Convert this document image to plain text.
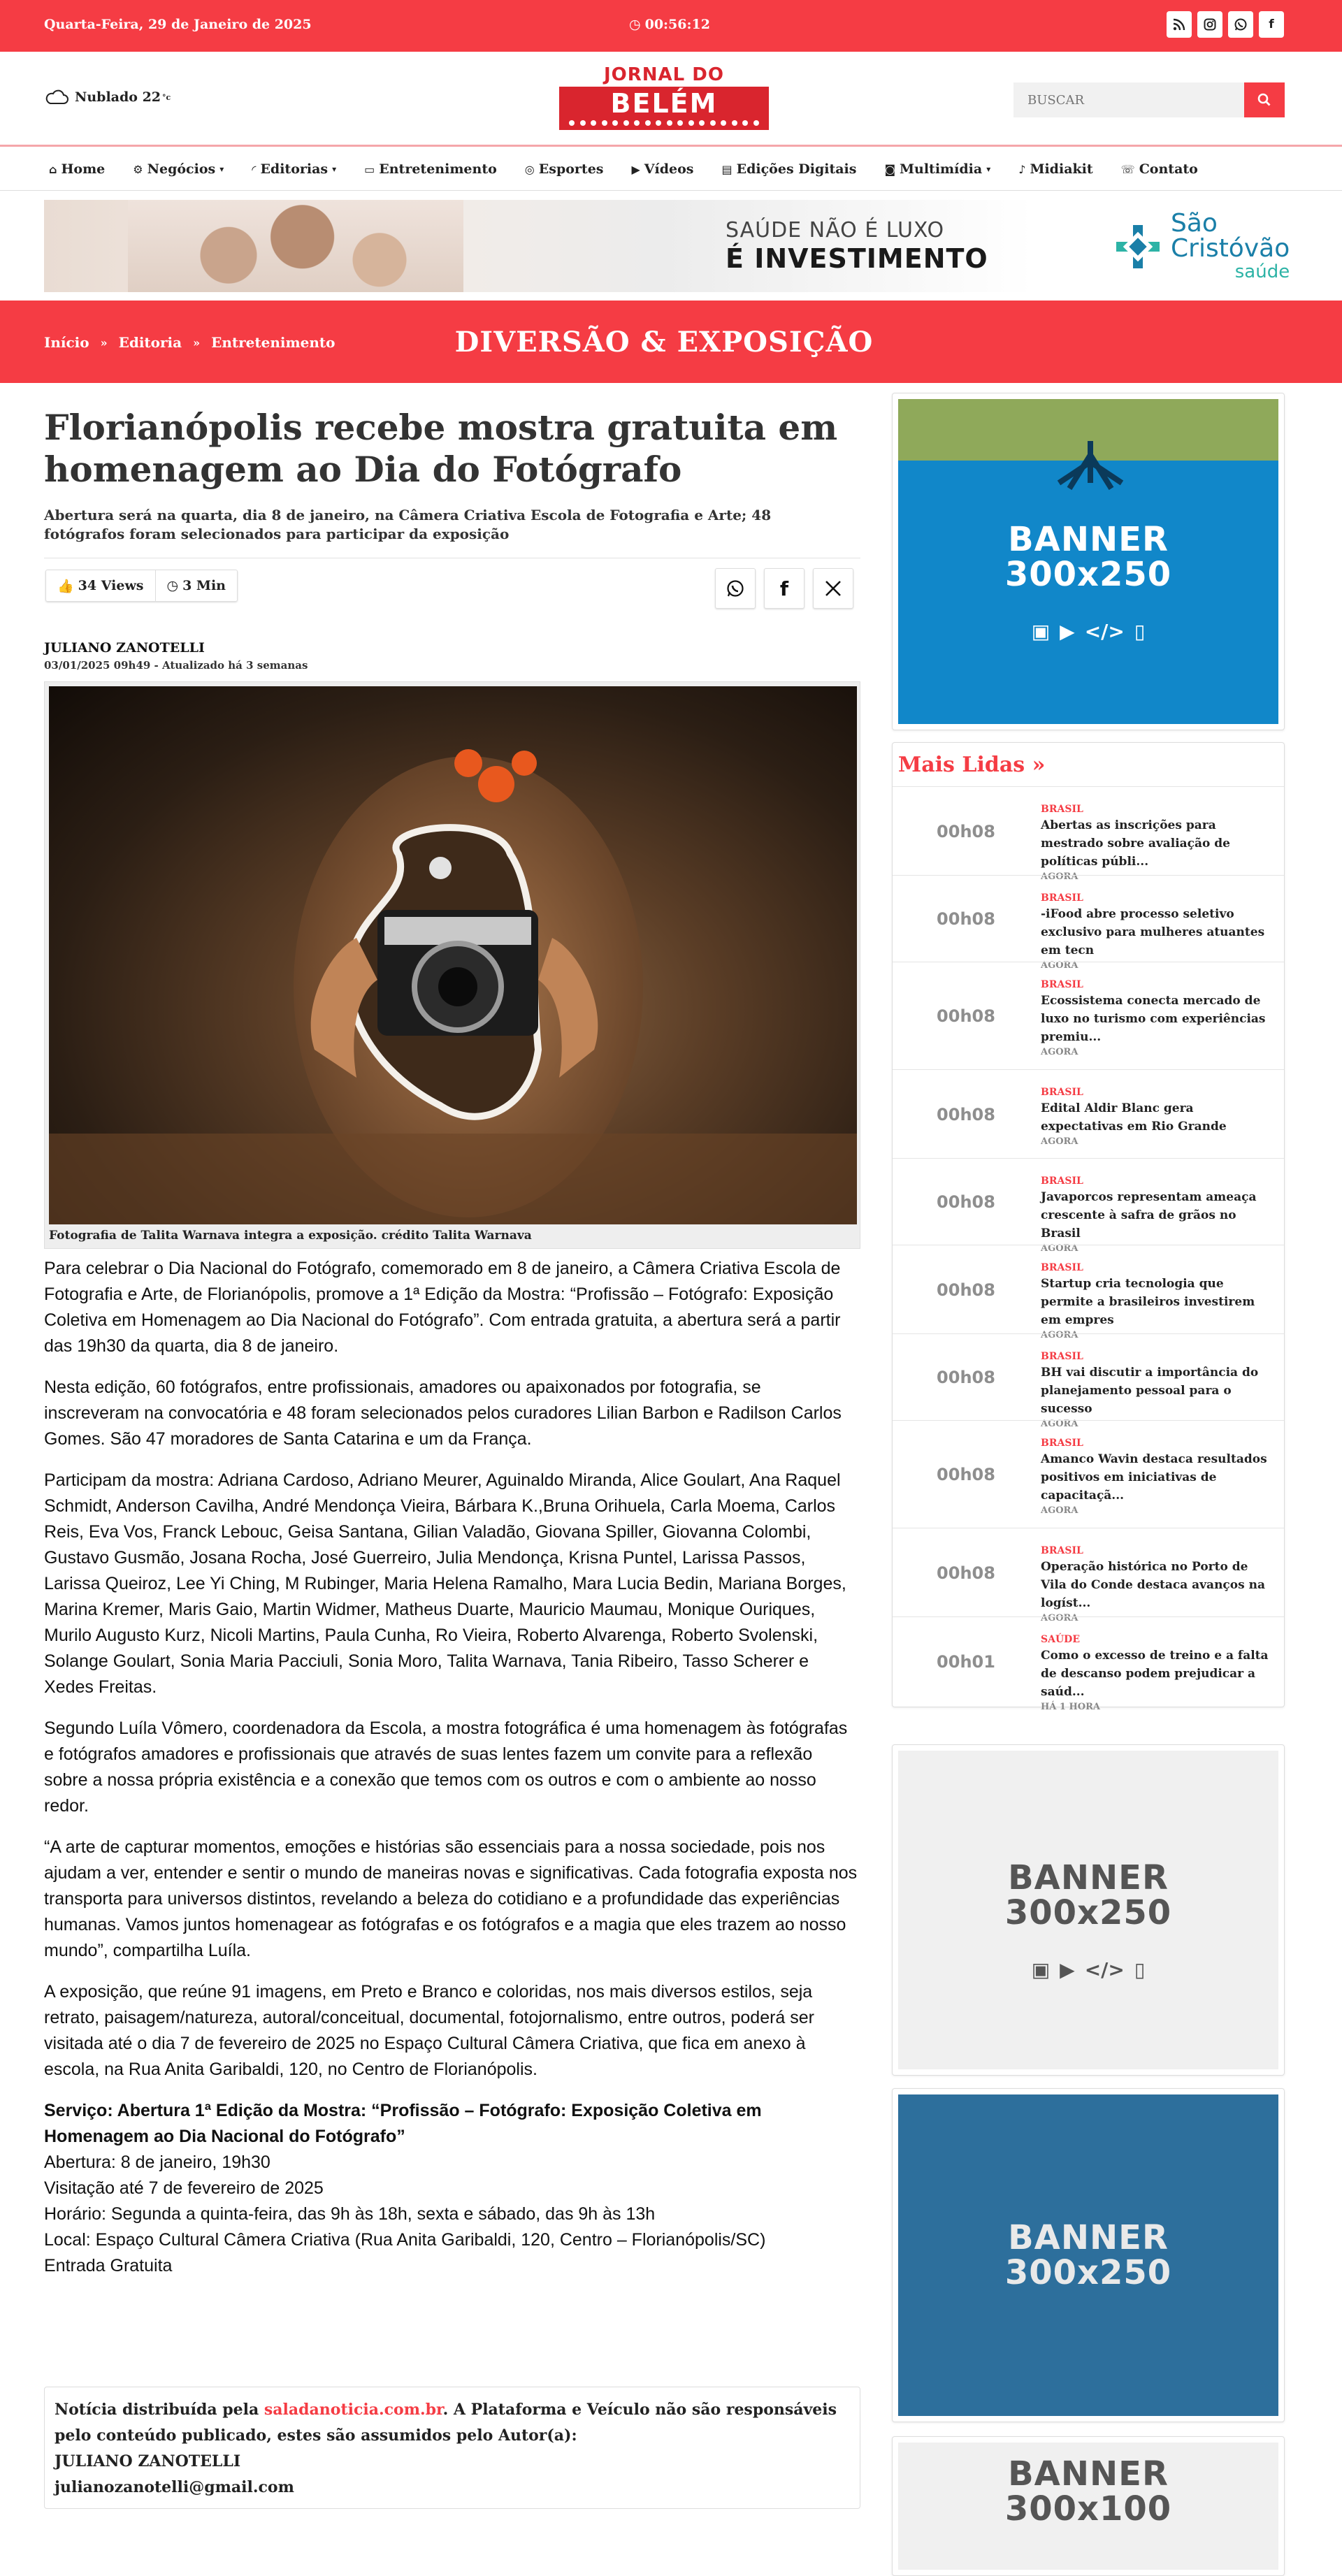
Quarta-Feira, 29 de Janeiro de 2025	◷ 00:56:12	f
Nublado 22 °c
JORNAL DO
BELÉM
BUSCAR
⌂ Home	⚙ Negócios ▾	◜ Editorias ▾	▭ Entretenimento	◎ Esportes	▶ Vídeos	▤ Edições Digitais	◙ Multimídia ▾	♪ Midiakit	☏ Contato
SAÚDE NÃO É LUXO
É INVESTIMENTO
São
Cristóvão
saúde
Início » Editoria » Entretenimento	DIVERSÃO & EXPOSIÇÃO
Florianópolis recebe mostra gratuita em homenagem ao Dia do Fotógrafo
Abertura será na quarta, dia 8 de janeiro, na Câmera Criativa Escola de Fotografia e Arte; 48 fotógrafos foram selecionados para participar da exposição
👍 34 Views ◷ 3 Min	f
JULIANO ZANOTELLI
03/01/2025 09h49 - Atualizado há 3 semanas
Fotografia de Talita Warnava integra a exposição. crédito Talita Warnava

Para celebrar o Dia Nacional do Fotógrafo, comemorado em 8 de janeiro, a Câmera Criativa Escola de Fotografia e Arte, de Florianópolis, promove a 1ª Edição da Mostra: “Profissão – Fotógrafo: Exposição Coletiva em Homenagem ao Dia Nacional do Fotógrafo”. Com entrada gratuita, a abertura será a partir das 19h30 da quarta, dia 8 de janeiro.

Nesta edição, 60 fotógrafos, entre profissionais, amadores ou apaixonados por fotografia, se inscreveram na convocatória e 48 foram selecionados pelos curadores Lilian Barbon e Radilson Carlos Gomes. São 47 moradores de Santa Catarina e um da França.

Participam da mostra: Adriana Cardoso, Adriano Meurer, Aguinaldo Miranda, Alice Goulart, Ana Raquel Schmidt, Anderson Cavilha, André Mendonça Vieira, Bárbara K.,Bruna Orihuela, Carla Moema, Carlos Reis, Eva Vos, Franck Lebouc, Geisa Santana, Gilian Valadão, Giovana Spiller, Giovanna Colombi, Gustavo Gusmão, Josana Rocha, José Guerreiro, Julia Mendonça, Krisna Puntel, Larissa Passos, Larissa Queiroz, Lee Yi Ching, M Rubinger, Maria Helena Ramalho, Mara Lucia Bedin, Mariana Borges, Marina Kremer, Maris Gaio, Martin Widmer, Matheus Duarte, Mauricio Maumau, Monique Ouriques, Murilo Augusto Kurz, Nicoli Martins, Paula Cunha, Ro Vieira, Roberto Alvarenga, Roberto Svolenski, Solange Goulart, Sonia Maria Pacciuli, Sonia Moro, Talita Warnava, Tania Ribeiro, Tasso Scherer e Xedes Freitas.

Segundo Luíla Vômero, coordenadora da Escola, a mostra fotográfica é uma homenagem às fotógrafas e fotógrafos amadores e profissionais que através de suas lentes fazem um convite para a reflexão sobre a nossa própria existência e a conexão que temos com os outros e com o ambiente ao nosso redor.

“A arte de capturar momentos, emoções e histórias são essenciais para a nossa sociedade, pois nos ajudam a ver, entender e sentir o mundo de maneiras novas e significativas. Cada fotografia exposta nos transporta para universos distintos, revelando a beleza do cotidiano e a profundidade das experiências humanas. Vamos juntos homenagear as fotógrafas e os fotógrafos e a magia que eles trazem ao nosso mundo”, compartilha Luíla.

A exposição, que reúne 91 imagens, em Preto e Branco e coloridas, nos mais diversos estilos, seja retrato, paisagem/natureza, autoral/conceitual, documental, fotojornalismo, entre outros, poderá ser visitada até o dia 7 de fevereiro de 2025 no Espaço Cultural Câmera Criativa, que fica em anexo à escola, na Rua Anita Garibaldi, 120, no Centro de Florianópolis.

Serviço: Abertura 1ª Edição da Mostra: “Profissão – Fotógrafo: Exposição Coletiva em Homenagem ao Dia Nacional do Fotógrafo”

Abertura: 8 de janeiro, 19h30

Visitação até 7 de fevereiro de 2025

Horário: Segunda a quinta-feira, das 9h às 18h, sexta e sábado, das 9h às 13h

Local: Espaço Cultural Câmera Criativa (Rua Anita Garibaldi, 120, Centro – Florianópolis/SC)

Entrada Gratuita

Notícia distribuída pela saladanoticia.com.br. A Plataforma e Veículo não são responsáveis pelo conteúdo publicado, estes são assumidos pelo Autor(a):
JULIANO ZANOTELLI
julianozanotelli@gmail.com
BANNER
300x250
▣ ▶ </> ▯
Mais Lidas »
00h08
BRASIL
Abertas as inscrições para mestrado sobre avaliação de políticas públi...
AGORA
00h08
BRASIL
-iFood abre processo seletivo exclusivo para mulheres atuantes em tecn
AGORA
00h08
BRASIL
Ecossistema conecta mercado de luxo no turismo com experiências premiu...
AGORA
00h08
BRASIL
Edital Aldir Blanc gera expectativas em Rio Grande
AGORA
00h08
BRASIL
Javaporcos representam ameaça crescente à safra de grãos no Brasil
AGORA
00h08
BRASIL
Startup cria tecnologia que permite a brasileiros investirem em empres
AGORA
00h08
BRASIL
BH vai discutir a importância do planejamento pessoal para o sucesso
AGORA
00h08
BRASIL
Amanco Wavin destaca resultados positivos em iniciativas de capacitaçã...
AGORA
00h08
BRASIL
Operação histórica no Porto de Vila do Conde destaca avanços na logíst...
AGORA
00h01
SAÚDE
Como o excesso de treino e a falta de descanso podem prejudicar a saúd...
HÁ 1 HORA
BANNER
300x250
▣ ▶ </> ▯
BANNER
300x250
BANNER
300x100
